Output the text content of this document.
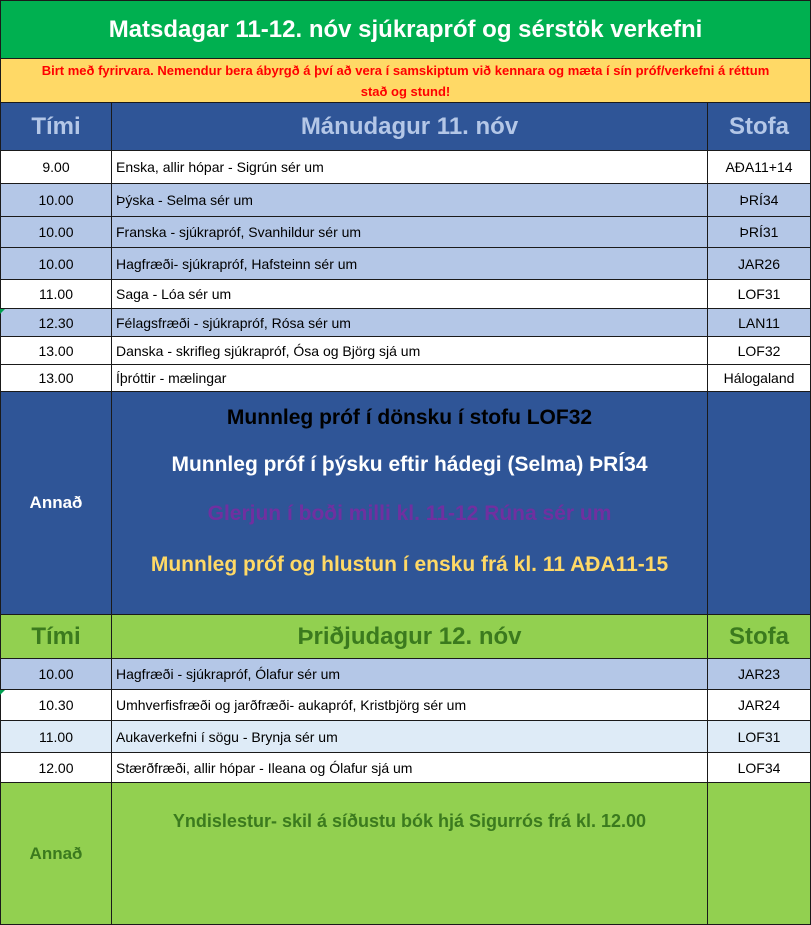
Matsdagar 11-12. nóv sjúkrapróf og sérstök verkefni
Birt með fyrirvara. Nemendur bera ábyrgð á því að vera í samskiptum við kennara og mæta í sín próf/verkefni á réttum stað og stund!
Tími	Mánudagur 11. nóv	Stofa
9.00	Enska, allir hópar - Sigrún sér um	AÐA11+14
10.00	Þýska - Selma sér um	ÞRÍ34
10.00	Franska - sjúkrapróf, Svanhildur sér um	ÞRÍ31
10.00	Hagfræði- sjúkrapróf, Hafsteinn sér um	JAR26
11.00	Saga - Lóa sér um	LOF31
12.30	Félagsfræði - sjúkrapróf, Rósa sér um	LAN11
13.00	Danska - skrifleg sjúkrapróf, Ósa og Björg sjá um	LOF32
13.00	Íþróttir - mælingar	Hálogaland
Annað
Munnleg próf í dönsku í stofu LOF32
Munnleg próf í þýsku eftir hádegi (Selma) ÞRÍ34
Glerjun í boði milli kl. 11-12 Rúna sér um
Munnleg próf og hlustun í ensku frá kl. 11 AÐA11-15
Tími	Þriðjudagur 12. nóv	Stofa
10.00	Hagfræði - sjúkrapróf, Ólafur sér um	JAR23
10.30	Umhverfisfræði og jarðfræði- aukapróf, Kristbjörg sér um	JAR24
11.00	Aukaverkefni í sögu - Brynja sér um	LOF31
12.00	Stærðfræði, allir hópar - Ileana og Ólafur sjá um	LOF34
Annað
Yndislestur- skil á síðustu bók hjá Sigurrós frá kl. 12.00
